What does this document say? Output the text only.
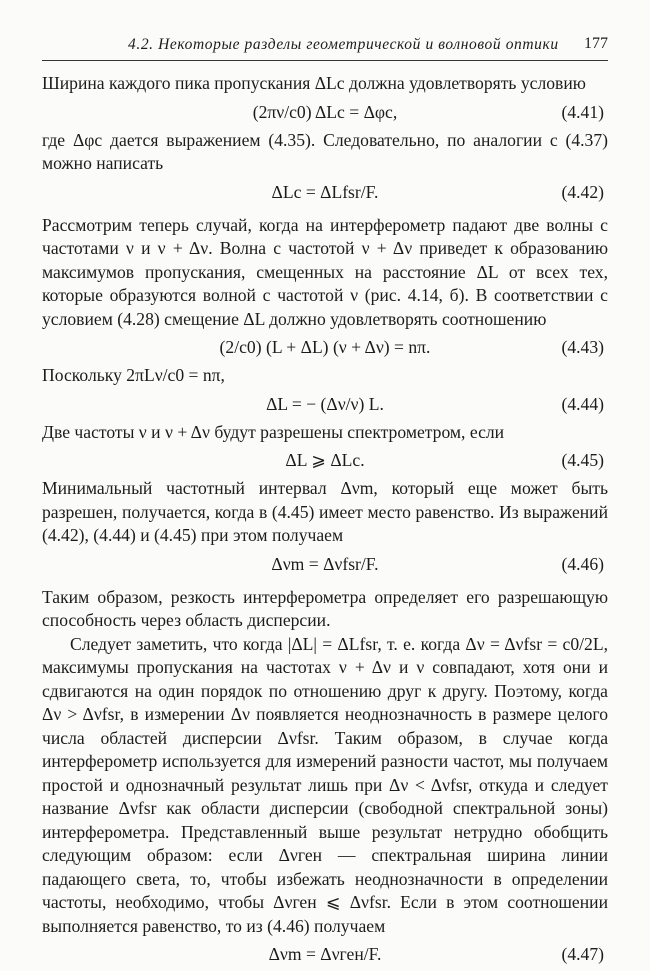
4.2. Некоторые разделы геометрической и волновой оптики 177

Ширина каждого пика пропускания ΔLc должна удовлетворять условию

(2πν/c0) ΔLc = Δφc,	(4.41)

где Δφc дается выражением (4.35). Следовательно, по аналогии с (4.37) можно написать

ΔLc = ΔLfsr/F.	(4.42)

Рассмотрим теперь случай, когда на интерферометр падают две волны с частотами ν и ν + Δν. Волна с частотой ν + Δν приведет к образованию максимумов пропускания, смещенных на расстояние ΔL от всех тех, которые образуются волной с частотой ν (рис. 4.14, б). В соответствии с условием (4.28) смещение ΔL должно удовлетворять соотношению

(2/c0) (L + ΔL) (ν + Δν) = nπ.	(4.43)

Поскольку 2πLν/c0 = nπ,

ΔL = − (Δν/ν) L.	(4.44)

Две частоты ν и ν + Δν будут разрешены спектрометром, если

ΔL ⩾ ΔLc.	(4.45)

Минимальный частотный интервал Δνm, который еще может быть разрешен, получается, когда в (4.45) имеет место равенство. Из выражений (4.42), (4.44) и (4.45) при этом получаем

Δνm = Δνfsr/F.	(4.46)

Таким образом, резкость интерферометра определяет его разрешающую способность через область дисперсии.

Следует заметить, что когда |ΔL| = ΔLfsr, т. е. когда Δν = Δνfsr = c0/2L, максимумы пропускания на частотах ν + Δν и ν совпадают, хотя они и сдвигаются на один порядок по отношению друг к другу. Поэтому, когда Δν > Δνfsr, в измерении Δν появляется неоднозначность в размере целого числа областей дисперсии Δνfsr. Таким образом, в случае когда интерферометр используется для измерений разности частот, мы получаем простой и однозначный результат лишь при Δν < Δνfsr, откуда и следует название Δνfsr как области дисперсии (свободной спектральной зоны) интерферометра. Представленный выше результат нетрудно обобщить следующим образом: если Δνген — спектральная ширина линии падающего света, то, чтобы избежать неоднозначности в определении частоты, необходимо, чтобы Δνген ⩽ Δνfsr. Если в этом соотношении выполняется равенство, то из (4.46) получаем

Δνm = Δνген/F.	(4.47)
